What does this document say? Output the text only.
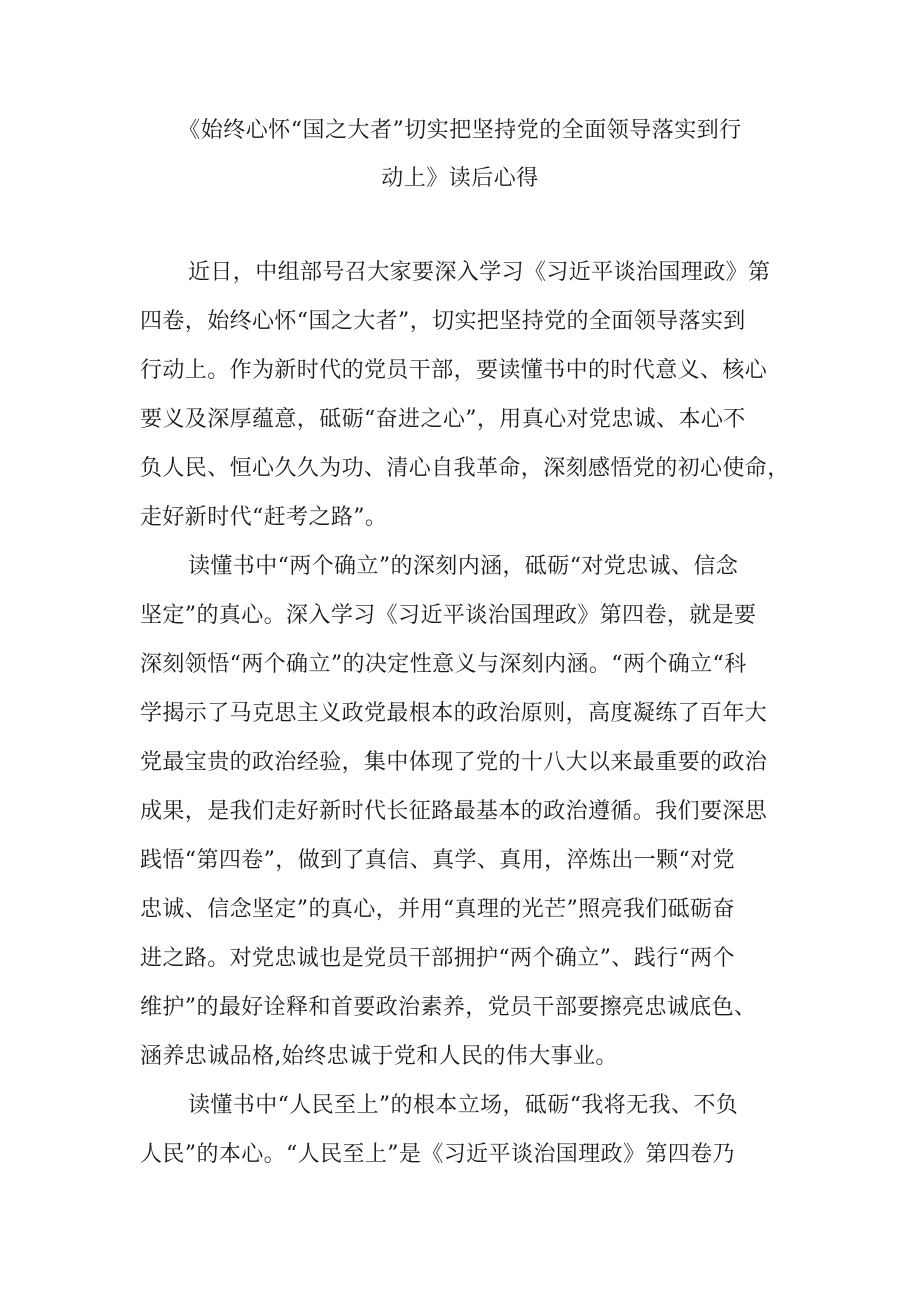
《始终心怀“国之大者”切实把坚持党的全面领导落实到行
动上》读后心得

近日，中组部号召大家要深入学习《习近平谈治国理政》第

四卷，始终心怀“国之大者”，切实把坚持党的全面领导落实到

行动上。作为新时代的党员干部，要读懂书中的时代意义、核心

要义及深厚蕴意，砥砺“奋进之心”，用真心对党忠诚、本心不

负人民、恒心久久为功、清心自我革命，深刻感悟党的初心使命，

走好新时代“赶考之路”。

读懂书中“两个确立”的深刻内涵，砥砺“对党忠诚、信念

坚定”的真心。深入学习《习近平谈治国理政》第四卷，就是要

深刻领悟“两个确立”的决定性意义与深刻内涵。“两个确立“科

学揭示了马克思主义政党最根本的政治原则，高度凝练了百年大

党最宝贵的政治经验，集中体现了党的十八大以来最重要的政治

成果，是我们走好新时代长征路最基本的政治遵循。我们要深思

践悟“第四卷”，做到了真信、真学、真用，淬炼出一颗“对党

忠诚、信念坚定”的真心，并用“真理的光芒”照亮我们砥砺奋

进之路。对党忠诚也是党员干部拥护“两个确立”、践行“两个

维护”的最好诠释和首要政治素养，党员干部要擦亮忠诚底色、

涵养忠诚品格,始终忠诚于党和人民的伟大事业。

读懂书中“人民至上”的根本立场，砥砺“我将无我、不负

人民”的本心。“人民至上”是《习近平谈治国理政》第四卷乃
